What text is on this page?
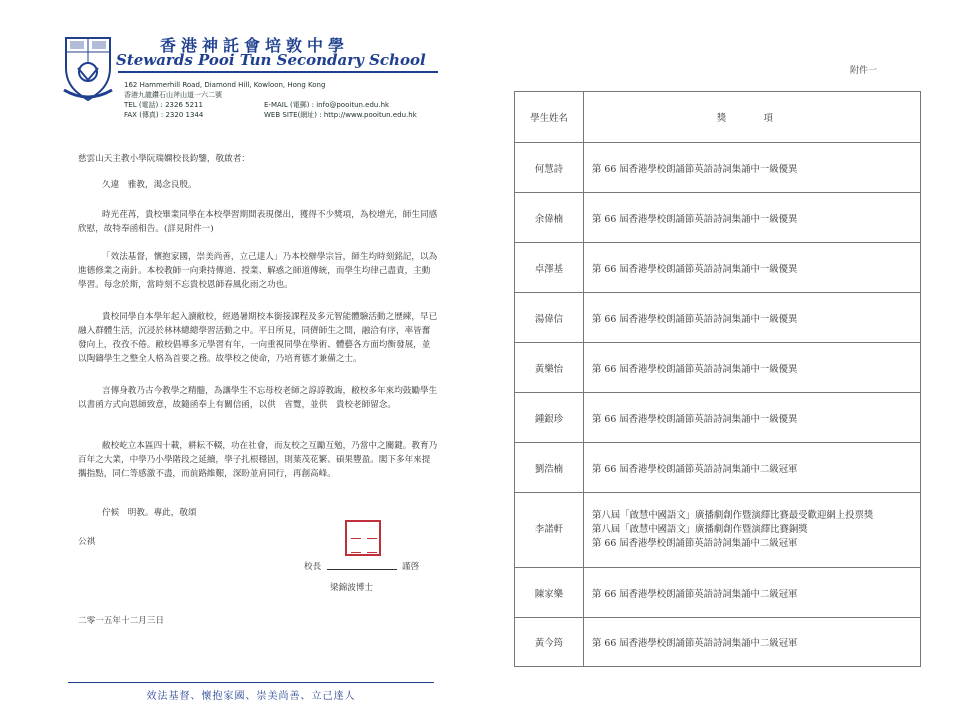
香港神託會培敦中學
Stewards Pooi Tun Secondary School
162 Hammerhill Road, Diamond Hill, Kowloon, Hong Kong
香港九龍鑽石山斧山道一六二號
TEL (電話) : 2326 5211	E-MAIL (電郵) : info@pooitun.edu.hk
FAX (傳真) : 2320 1344	WEB SITE(網址) : http://www.pooitun.edu.hk
慈雲山天主教小學阮瑞嫻校長鈞鑒，敬啟者：
久違　雅教，渴念良殷。
時光荏苒，貴校畢業同學在本校學習期間表現傑出，獲得不少獎項，為校增光，師生同感欣慰，故特奉函相告。(詳見附件一)
「效法基督，懷抱家國，崇美尚善，立己達人」乃本校辦學宗旨，師生均時刻銘記，以為進德修業之南針。本校教師一向秉持傳道、授業、解惑之師道傳統，而學生均律己盡責，主動學習。每念於斯，當時刻不忘貴校恩師春風化雨之功也。
貴校同學自本學年起入讀敝校，經過暑期校本銜接課程及多元智能體驗活動之歷練，早已融入群體生活，沉浸於林林總總學習活動之中。平日所見，同儕師生之間，融洽有序，率皆奮發向上，孜孜不倦。敝校倡導多元學習有年，一向重視同學在學術、體藝各方面均衡發展，並以陶鑄學生之整全人格為首要之務。故學校之使命，乃培育德才兼備之士。
言傳身教乃古今教學之精髓，為讓學生不忘母校老師之諄諄教誨，敝校多年來均鼓勵學生以書函方式向恩師致意，故隨函奉上有關信函，以供　省覽，並供　貴校老師留念。
敝校屹立本區四十載，耕耘不輟，功在社會，而友校之互勵互勉，乃當中之關鍵。教育乃百年之大業，中學乃小學階段之延續，學子扎根穩固，則葉茂花繁、碩果豐盈。閣下多年來提攜指點，同仁等感激不盡，而前路維艱，深盼並肩同行，再創高峰。
佇候　明教。專此，敬頌
公祺
校長	謹啓
梁錦波博士
二零一五年十二月三日
效法基督、懷抱家國、崇美尚善、立己達人
附件一
學生姓名	獎　項
何慧詩	第 66 屆香港學校朗誦節英語詩詞集誦中一級優異
余偉楠	第 66 屆香港學校朗誦節英語詩詞集誦中一級優異
卓澤基	第 66 屆香港學校朗誦節英語詩詞集誦中一級優異
湯偉信	第 66 屆香港學校朗誦節英語詩詞集誦中一級優異
黃樂怡	第 66 屆香港學校朗誦節英語詩詞集誦中一級優異
鍾銀珍	第 66 屆香港學校朗誦節英語詩詞集誦中一級優異
劉浩楠	第 66 屆香港學校朗誦節英語詩詞集誦中二級冠軍
李諾軒	第八屆「啟慧中國語文」廣播劇創作暨演繹比賽最受歡迎網上投票獎
第八屆「啟慧中國語文」廣播劇創作暨演繹比賽銅獎
第 66 屆香港學校朗誦節英語詩詞集誦中二級冠軍

陳家樂	第 66 屆香港學校朗誦節英語詩詞集誦中二級冠軍
黃今筠	第 66 屆香港學校朗誦節英語詩詞集誦中二級冠軍
